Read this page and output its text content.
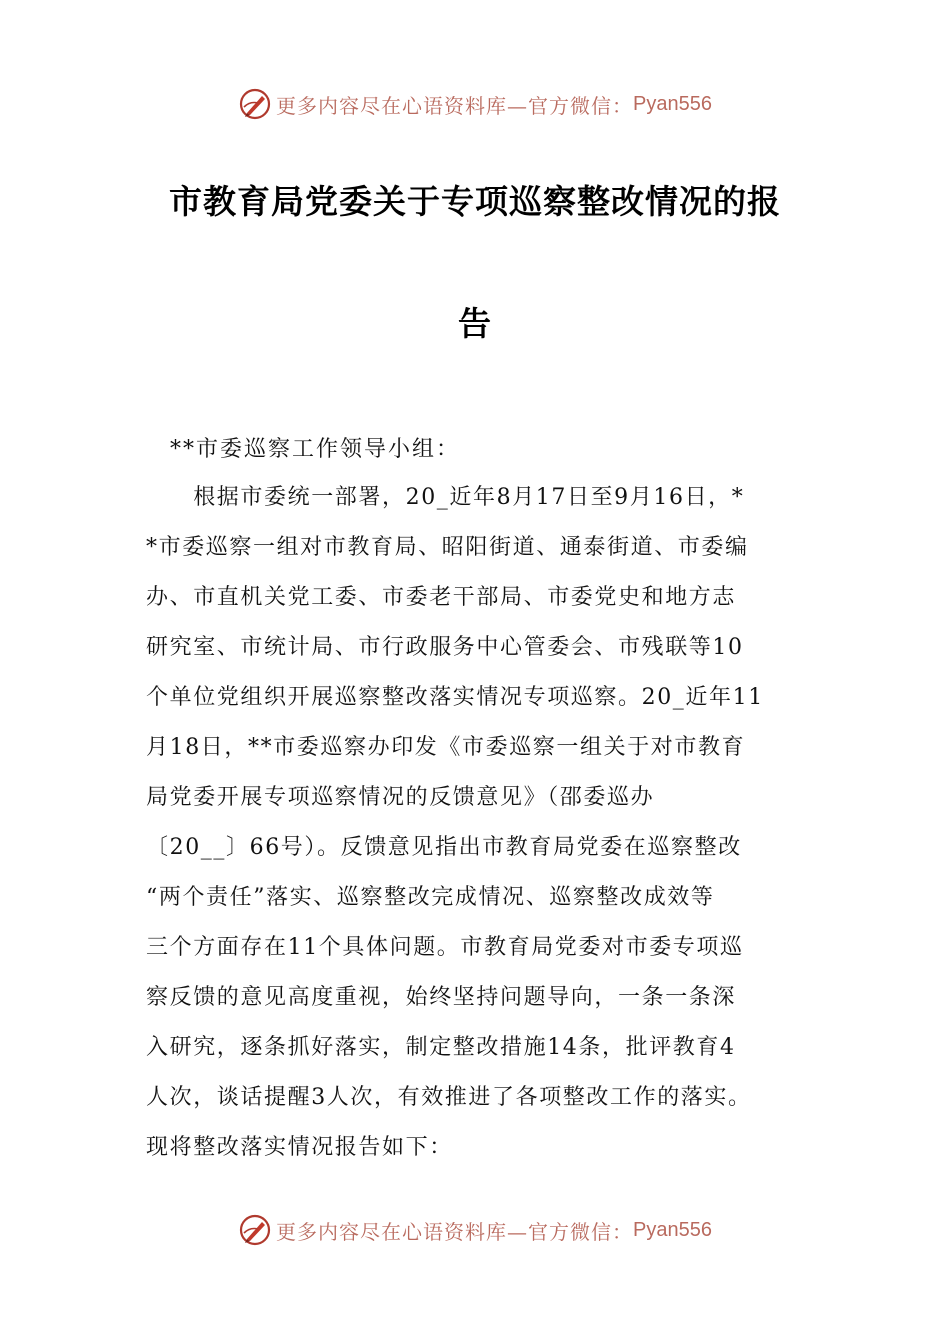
更多内容尽在心语资料库—官方微信： Pyan556
市教育局党委关于专项巡察整改情况的报
告
**市委巡察工作领导小组：
　　根据市委统一部署，20_近年8月17日至9月16日，*
*市委巡察一组对市教育局、昭阳街道、通泰街道、市委编
办、市直机关党工委、市委老干部局、市委党史和地方志
研究室、市统计局、市行政服务中心管委会、市残联等10
个单位党组织开展巡察整改落实情况专项巡察。20_近年11
月18日，**市委巡察办印发《市委巡察一组关于对市教育
局党委开展专项巡察情况的反馈意见》（邵委巡办
〔20__〕66号）。反馈意见指出市教育局党委在巡察整改
“两个责任”落实、巡察整改完成情况、巡察整改成效等
三个方面存在11个具体问题。市教育局党委对市委专项巡
察反馈的意见高度重视，始终坚持问题导向，一条一条深
入研究，逐条抓好落实，制定整改措施14条，批评教育4
人次，谈话提醒3人次，有效推进了各项整改工作的落实。
现将整改落实情况报告如下：
更多内容尽在心语资料库—官方微信： Pyan556
